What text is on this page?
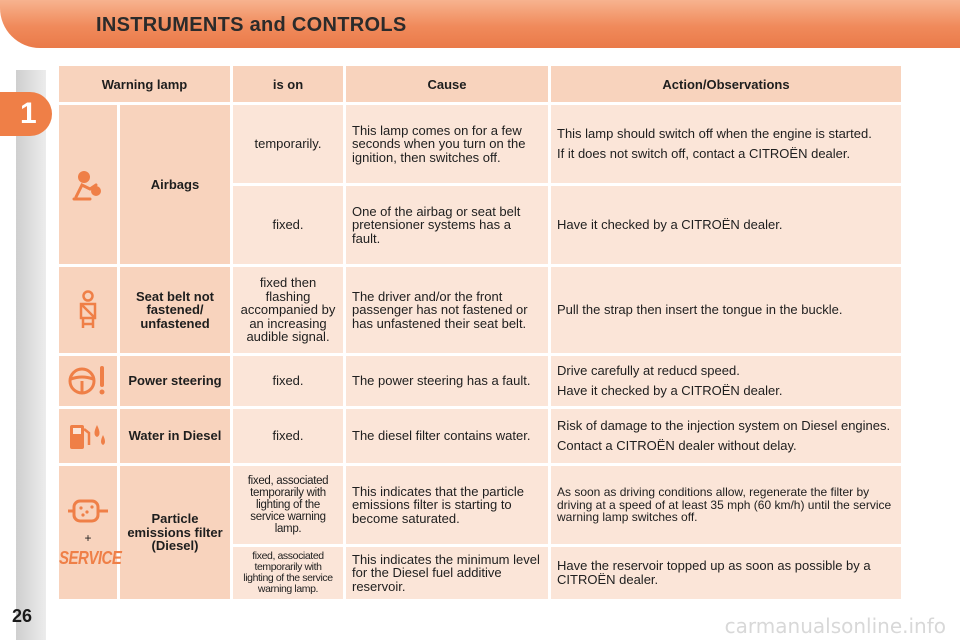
INSTRUMENTS and CONTROLS
1
26	carmanualsonline.info
Warning lamp		is on	Cause	Action/Observations

	Airbags	temporarily.	This lamp comes on for a few seconds when you turn on the ignition, then switches off.	This lamp should switch off when the engine is started.

If it does not switch off, contact a CITROËN dealer.

		fixed.	One of the airbag or seat belt pretensioner systems has a fault.	Have it checked by a CITROËN dealer.

	Seat belt not fastened/ unfastened	fixed then flashing accompanied by an increasing audible signal.	The driver and/or the front passenger has not fastened or has unfastened their seat belt.	Pull the strap then insert the tongue in the buckle.

	Power steering	fixed.	The power steering has a fault.	Drive carefully at reducd speed.

Have it checked by a CITROËN dealer.

	Water in Diesel	fixed.	The diesel filter contains water.	Risk of damage to the injection system on Diesel engines.

Contact a CITROËN dealer without delay.

+
SERVICE	Particle emissions filter (Diesel)	fixed, associated temporarily with lighting of the service warning lamp.	This indicates that the particle emissions filter is starting to become saturated.	As soon as driving conditions allow, regenerate the filter by driving at a speed of at least 35 mph (60 km/h) until the service warning lamp switches off.

		fixed, associated temporarily with lighting of the service warning lamp.	This indicates the minimum level for the Diesel fuel additive reservoir.	Have the reservoir topped up as soon as possible by a CITROËN dealer.
